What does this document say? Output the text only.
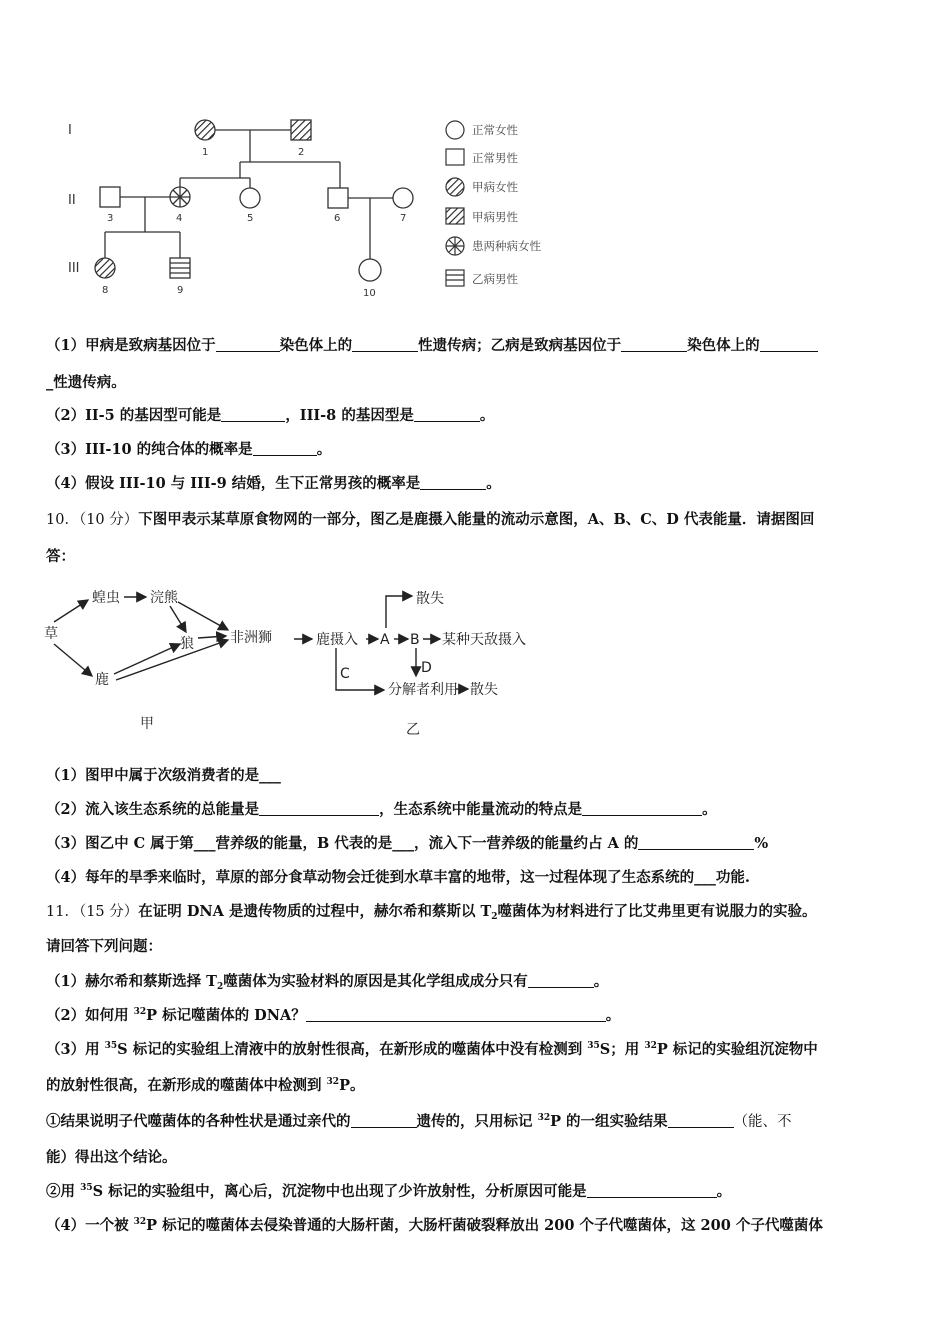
I
II
III
1	2
3	4	5	6	7
8	9	10
正常女性
正常男性
甲病女性
甲病男性
患两种病女性
乙病男性
（1）甲病是致病基因位于	染色体上的	性遗传病；乙病是致病基因位于	染色体上的
_性遗传病。
（2）II-5 的基因型可能是	，III-8 的基因型是	。
（3）III-10 的纯合体的概率是	。
（4）假设 III-10 与 III-9 结婚，生下正常男孩的概率是	。
10．（10 分）下图甲表示某草原食物网的一部分，图乙是鹿摄入能量的流动示意图，A、B、C、D 代表能量．请据图回
答：
草
蝗虫 浣熊
狼
鹿
非洲狮
甲
鹿摄入 A B 某种天敌摄入
散失
C	D
分解者利用 散失
乙
（1）图甲中属于次级消费者的是___
（2）流入该生态系统的总能量是	，生态系统中能量流动的特点是	。
（3）图乙中 C 属于第___营养级的能量，B 代表的是___，流入下一营养级的能量约占 A 的	%
（4）每年的旱季来临时，草原的部分食草动物会迁徙到水草丰富的地带，这一过程体现了生态系统的___功能.
11．（15 分）在证明 DNA 是遗传物质的过程中，赫尔希和蔡斯以 $T_2$噬菌体为材料进行了比艾弗里更有说服力的实验。
请回答下列问题：
（1）赫尔希和蔡斯选择 $T_2$噬菌体为实验材料的原因是其化学组成成分只有	。
（2）如何用 $^{32}$P 标记噬菌体的 DNA？	。
（3）用 $^{35}$S 标记的实验组上清液中的放射性很高，在新形成的噬菌体中没有检测到 $^{35}$S；用 $^{32}$P 标记的实验组沉淀物中
的放射性很高，在新形成的噬菌体中检测到 $^{32}$P。
①结果说明子代噬菌体的各种性状是通过亲代的	遗传的，只用标记 $^{32}$P 的一组实验结果	（能、不
能）得出这个结论。
②用 $^{35}$S 标记的实验组中，离心后，沉淀物中也出现了少许放射性，分析原因可能是	。
（4）一个被 $^{32}$P 标记的噬菌体去侵染普通的大肠杆菌，大肠杆菌破裂释放出 200 个子代噬菌体，这 200 个子代噬菌体
